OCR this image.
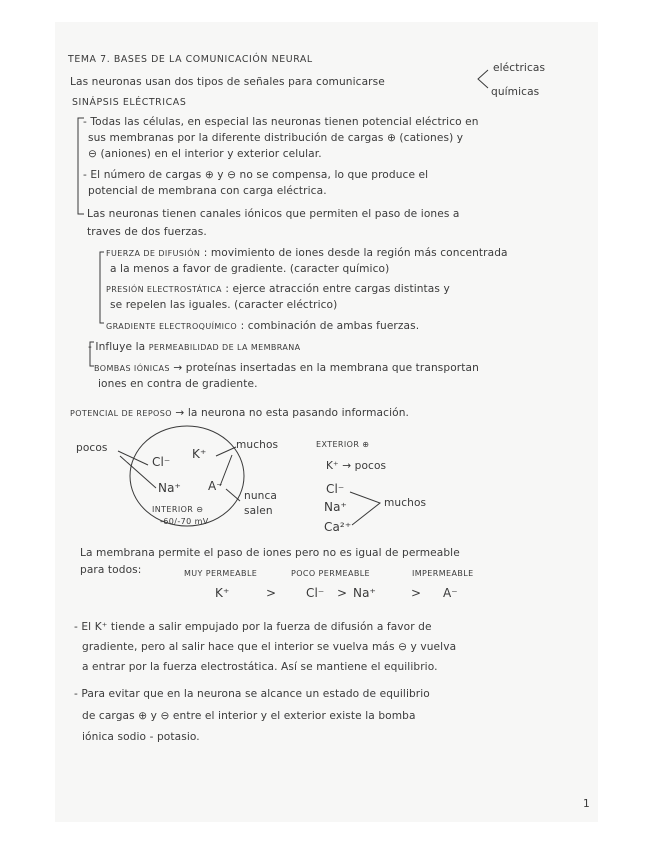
TEMA 7. BASES DE LA COMUNICACIÓN NEURAL
Las neuronas usan dos tipos de señales para comunicarse
eléctricas
químicas
SINÁPSIS ELÉCTRICAS
- Todas las células, en especial las neuronas tienen potencial eléctrico en
sus membranas por la diferente distribución de cargas ⊕ (cationes) y
⊖ (aniones) en el interior y exterior celular.
- El número de cargas ⊕ y ⊖ no se compensa, lo que produce el
potencial de membrana con carga eléctrica.
Las neuronas tienen canales iónicos que permiten el paso de iones a
traves de dos fuerzas.
FUERZA DE DIFUSIÓN : movimiento de iones desde la región más concentrada
a la menos a favor de gradiente. (caracter químico)
PRESIÓN ELECTROSTÁTICA : ejerce atracción entre cargas distintas y
se repelen las iguales. (caracter eléctrico)
GRADIENTE ELECTROQUÍMICO : combinación de ambas fuerzas.
- Influye la PERMEABILIDAD DE LA MEMBRANA
BOMBAS IÓNICAS → proteínas insertadas en la membrana que transportan
iones en contra de gradiente.
POTENCIAL DE REPOSO → la neurona no esta pasando información.
pocos	muchos
Cl⁻
K⁺
Na⁺ A⁻
INTERIOR ⊖
-60/-70 mV
nunca
salen
EXTERIOR ⊕
K⁺ → pocos
Cl⁻
Na⁺
Ca²⁺
muchos
La membrana permite el paso de iones pero no es igual de permeable
para todos:	MUY PERMEABLE	POCO PERMEABLE	IMPERMEABLE
K⁺	> Cl⁻ > Na⁺	> A⁻
- El K⁺ tiende a salir empujado por la fuerza de difusión a favor de
gradiente, pero al salir hace que el interior se vuelva más ⊖ y vuelva
a entrar por la fuerza electrostática. Así se mantiene el equilibrio.
- Para evitar que en la neurona se alcance un estado de equilibrio
de cargas ⊕ y ⊖ entre el interior y el exterior existe la bomba
iónica sodio - potasio.
1
